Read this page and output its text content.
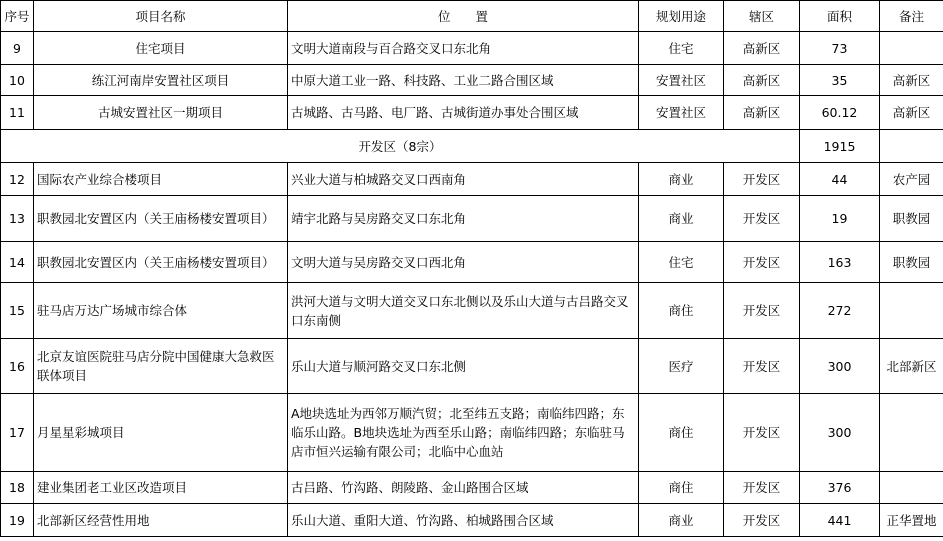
序号	项目名称	位　　置	规划用途	辖区	面积	备注
9	住宅项目	文明大道南段与百合路交叉口东北角	住宅	高新区	73	
10	练江河南岸安置社区项目	中原大道工业一路、科技路、工业二路合围区域	安置社区	高新区	35	高新区
11	古城安置社区一期项目	古城路、古马路、电厂路、古城街道办事处合围区域	安置社区	高新区	60.12	高新区
开发区（8宗）					1915	
12	国际农产业综合楼项目	兴业大道与柏城路交叉口西南角	商业	开发区	44	农产园
13	职教园北安置区内（关王庙杨楼安置项目）	靖宇北路与吴房路交叉口东北角	商业	开发区	19	职教园
14	职教园北安置区内（关王庙杨楼安置项目）	文明大道与吴房路交叉口西北角	住宅	开发区	163	职教园
15	驻马店万达广场城市综合体	洪河大道与文明大道交叉口东北侧以及乐山大道与古吕路交叉口东南侧	商住	开发区	272	
16	北京友谊医院驻马店分院中国健康大急救医联体项目	乐山大道与顺河路交叉口东北侧	医疗	开发区	300	北部新区
17	月星星彩城项目	A地块选址为西邻万顺汽贸；北至纬五支路；南临纬四路；东临乐山路。B地块选址为西至乐山路；南临纬四路；东临驻马店市恒兴运输有限公司；北临中心血站	商住	开发区	300	
18	建业集团老工业区改造项目	古吕路、竹沟路、朗陵路、金山路围合区域	商住	开发区	376	
19	北部新区经营性用地	乐山大道、重阳大道、竹沟路、柏城路围合区域	商业	开发区	441	正华置地
